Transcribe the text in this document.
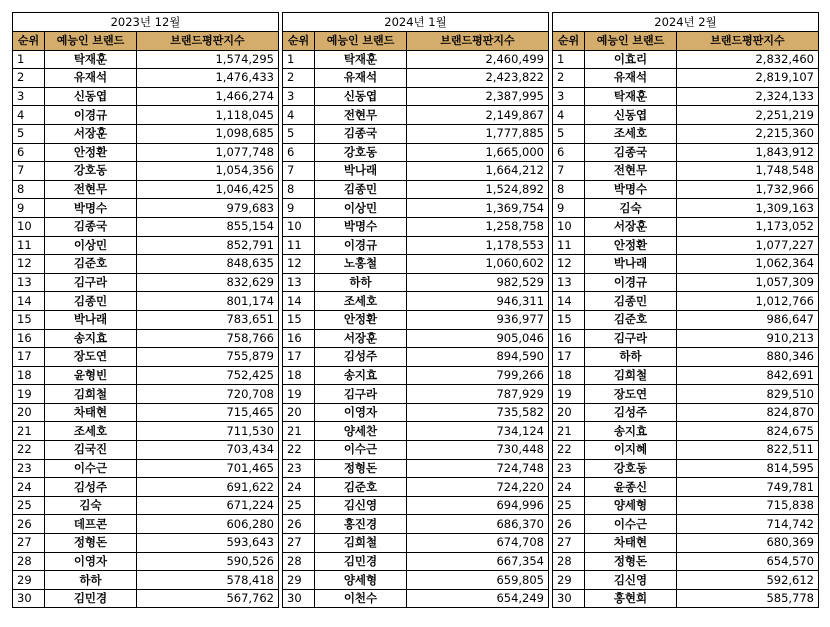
2023년 12월		
순위	예능인 브랜드	브랜드평판지수
1	탁재훈	1,574,295
2	유재석	1,476,433
3	신동엽	1,466,274
4	이경규	1,118,045
5	서장훈	1,098,685
6	안정환	1,077,748
7	강호동	1,054,356
8	전현무	1,046,425
9	박명수	979,683
10	김종국	855,154
11	이상민	852,791
12	김준호	848,635
13	김구라	832,629
14	김종민	801,174
15	박나래	783,651
16	송지효	758,766
17	장도연	755,879
18	윤형빈	752,425
19	김희철	720,708
20	차태현	715,465
21	조세호	711,530
22	김국진	703,434
23	이수근	701,465
24	김성주	691,622
25	김숙	671,224
26	데프콘	606,280
27	정형돈	593,643
28	이영자	590,526
29	하하	578,418
30	김민경	567,762
2024년 1월		
순위	예능인 브랜드	브랜드평판지수
1	탁재훈	2,460,499
2	유재석	2,423,822
3	신동엽	2,387,995
4	전현무	2,149,867
5	김종국	1,777,885
6	강호동	1,665,000
7	박나래	1,664,212
8	김종민	1,524,892
9	이상민	1,369,754
10	박명수	1,258,758
11	이경규	1,178,553
12	노홍철	1,060,602
13	하하	982,529
14	조세호	946,311
15	안정환	936,977
16	서장훈	905,046
17	김성주	894,590
18	송지효	799,266
19	김구라	787,929
20	이영자	735,582
21	양세찬	734,124
22	이수근	730,448
23	정형돈	724,748
24	김준호	724,220
25	김신영	694,996
26	홍진경	686,370
27	김희철	674,708
28	김민경	667,354
29	양세형	659,805
30	이천수	654,249
2024년 2월		
순위	예능인 브랜드	브랜드평판지수
1	이효리	2,832,460
2	유재석	2,819,107
3	탁재훈	2,324,133
4	신동엽	2,251,219
5	조세호	2,215,360
6	김종국	1,843,912
7	전현무	1,748,548
8	박명수	1,732,966
9	김숙	1,309,163
10	서장훈	1,173,052
11	안정환	1,077,227
12	박나래	1,062,364
13	이경규	1,057,309
14	김종민	1,012,766
15	김준호	986,647
16	김구라	910,213
17	하하	880,346
18	김희철	842,691
19	장도연	829,510
20	김성주	824,870
21	송지효	824,675
22	이지혜	822,511
23	강호동	814,595
24	윤종신	749,781
25	양세형	715,838
26	이수근	714,742
27	차태현	680,369
28	정형돈	654,570
29	김신영	592,612
30	홍현희	585,778
